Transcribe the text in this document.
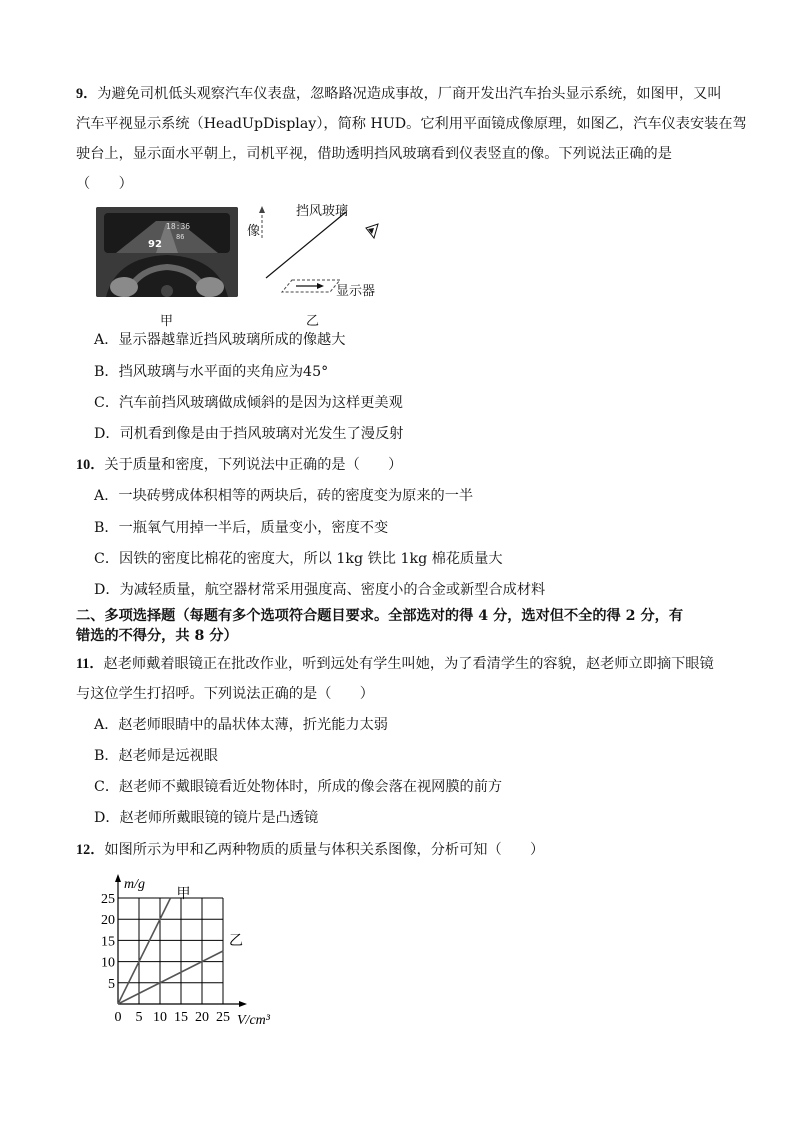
9．为避免司机低头观察汽车仪表盘，忽略路况造成事故，厂商开发出汽车抬头显示系统，如图甲，又叫
汽车平视显示系统（HeadUpDisplay），简称 HUD。它利用平面镜成像原理，如图乙，汽车仪表安装在驾
驶台上，显示面水平朝上，司机平视，借助透明挡风玻璃看到仪表竖直的像。下列说法正确的是
（　　）
18:36
86
92
甲
挡风玻璃
像
显示器
乙
A．显示器越靠近挡风玻璃所成的像越大
B．挡风玻璃与水平面的夹角应为45°
C．汽车前挡风玻璃做成倾斜的是因为这样更美观
D．司机看到像是由于挡风玻璃对光发生了漫反射
10．关于质量和密度，下列说法中正确的是（　　）
A．一块砖劈成体积相等的两块后，砖的密度变为原来的一半
B．一瓶氧气用掉一半后，质量变小，密度不变
C．因铁的密度比棉花的密度大，所以 1kg 铁比 1kg 棉花质量大
D．为减轻质量，航空器材常采用强度高、密度小的合金或新型合成材料
二、多项选择题（每题有多个选项符合题目要求。全部选对的得 4 分，选对但不全的得 2 分，有
错选的不得分，共 8 分）
11．赵老师戴着眼镜正在批改作业，听到远处有学生叫她，为了看清学生的容貌，赵老师立即摘下眼镜
与这位学生打招呼。下列说法正确的是（　　）
A．赵老师眼睛中的晶状体太薄，折光能力太弱
B．赵老师是远视眼
C．赵老师不戴眼镜看近处物体时，所成的像会落在视网膜的前方
D．赵老师所戴眼镜的镜片是凸透镜
12．如图所示为甲和乙两种物质的质量与体积关系图像，分析可知（　　）
0 5 10 15 20 25
5
10
15
20
25
V/cm³
m/g
甲
乙
